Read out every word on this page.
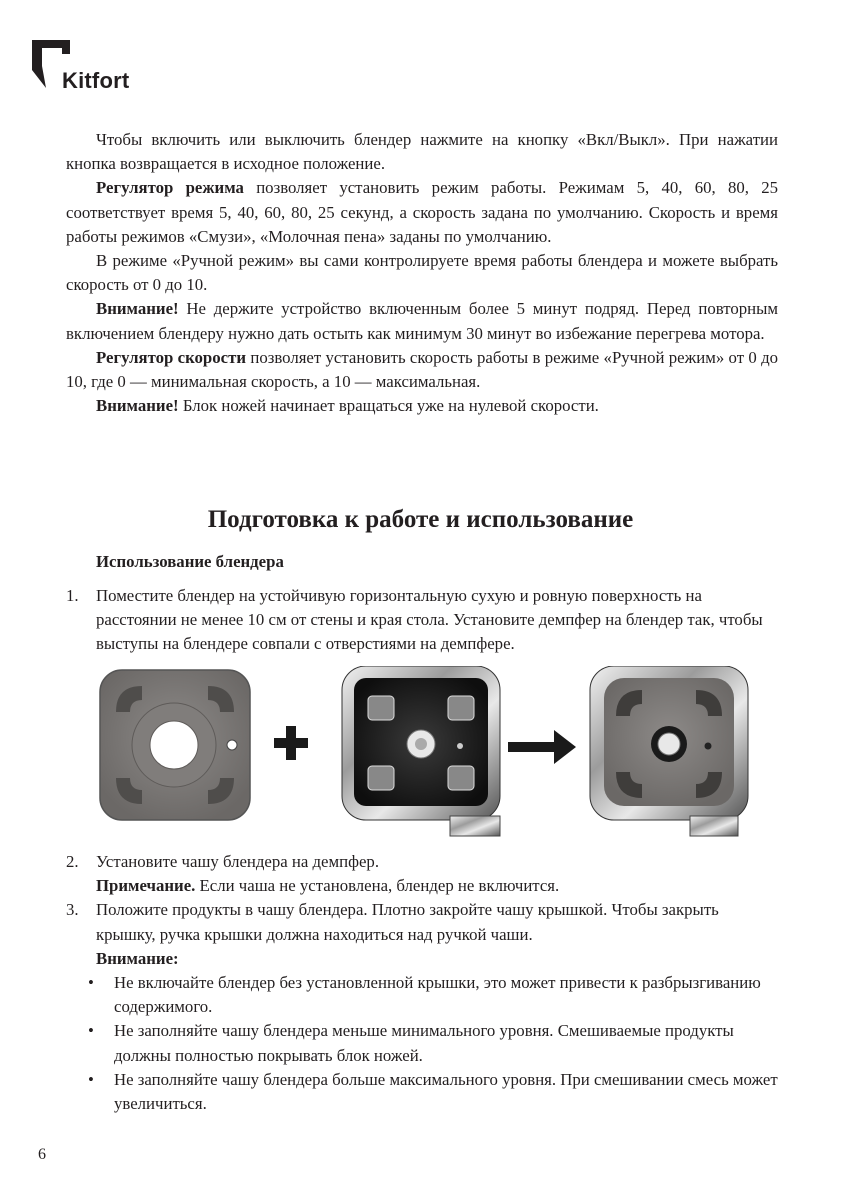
Kitfort

Чтобы включить или выключить блендер нажмите на кнопку «Вкл/Выкл». При нажатии кнопка возвращается в исходное положение.

Регулятор режима позволяет установить режим работы. Режимам 5, 40, 60, 80, 25 соответствует время 5, 40, 60, 80, 25 секунд, а скорость задана по умолчанию. Скорость и время работы режимов «Смузи», «Молочная пена» заданы по умолчанию.

В режиме «Ручной режим» вы сами контролируете время работы блендера и можете выбрать скорость от 0 до 10.

Внимание! Не держите устройство включенным более 5 минут подряд. Перед повторным включением блендеру нужно дать остыть как минимум 30 минут во избежание перегрева мотора.

Регулятор скорости позволяет установить скорость работы в режиме «Ручной режим» от 0 до 10, где 0 — минимальная скорость, а 10 — максимальная.

Внимание! Блок ножей начинает вращаться уже на нулевой скорости.

Подготовка к работе и использование
Использование блендера
1. Поместите блендер на устойчивую горизонтальную сухую и ровную поверхность на расстоянии не менее 10 см от стены и края стола. Установите демпфер на блендер так, чтобы выступы на блендере совпали с отверстиями на демпфере.
2. Установите чашу блендера на демпфер.
Примечание. Если чаша не установлена, блендер не включится.
3. Положите продукты в чашу блендера. Плотно закройте чашу крышкой. Чтобы закрыть крышку, ручка крышки должна находиться над ручкой чаши.
Внимание:
• Не включайте блендер без установленной крышки, это может привести к разбрызгиванию содержимого.
• Не заполняйте чашу блендера меньше минимального уровня. Смешиваемые продукты должны полностью покрывать блок ножей.
• Не заполняйте чашу блендера больше максимального уровня. При смешивании смесь может увеличиться.
6
